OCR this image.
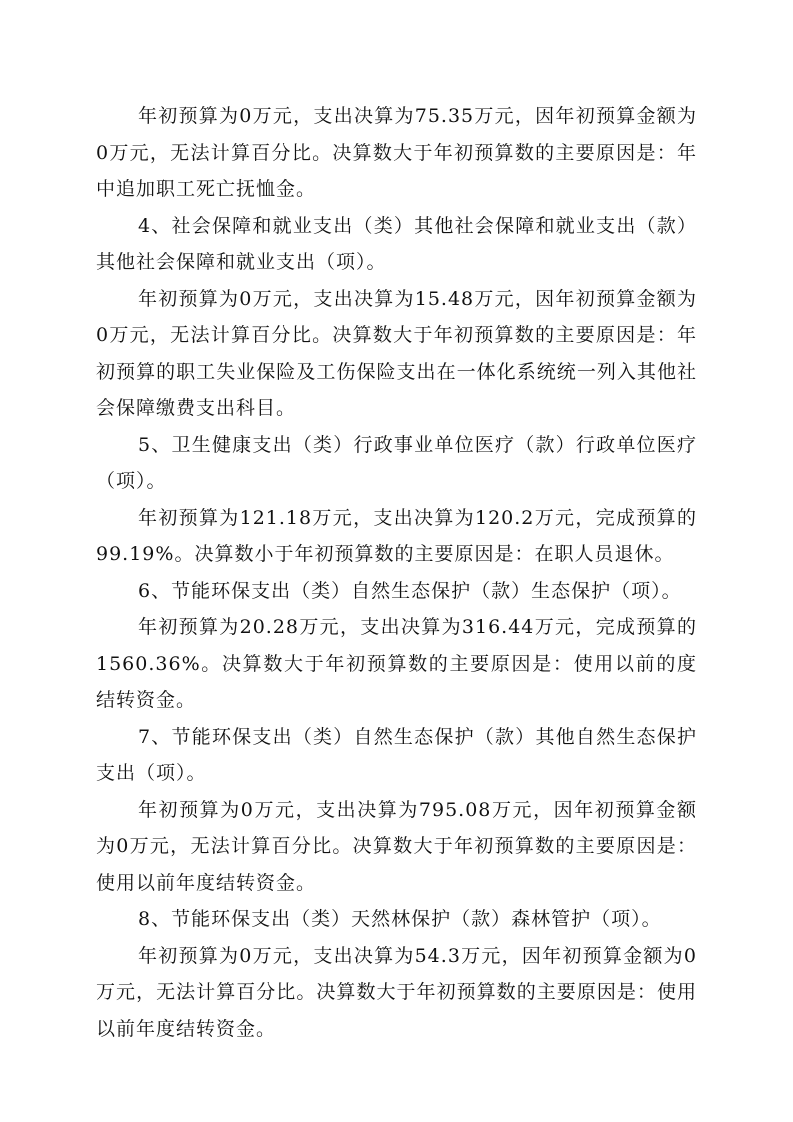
年初预算为0万元，支出决算为75.35万元，因年初预算金额为0万元，无法计算百分比。决算数大于年初预算数的主要原因是：年中追加职工死亡抚恤金。

4、社会保障和就业支出（类）其他社会保障和就业支出（款）其他社会保障和就业支出（项）。

年初预算为0万元，支出决算为15.48万元，因年初预算金额为0万元，无法计算百分比。决算数大于年初预算数的主要原因是：年初预算的职工失业保险及工伤保险支出在一体化系统统一列入其他社会保障缴费支出科目。

5、卫生健康支出（类）行政事业单位医疗（款）行政单位医疗（项）。

年初预算为121.18万元，支出决算为120.2万元，完成预算的99.19%。决算数小于年初预算数的主要原因是：在职人员退休。

6、节能环保支出（类）自然生态保护（款）生态保护（项）。

年初预算为20.28万元，支出决算为316.44万元，完成预算的1560.36%。决算数大于年初预算数的主要原因是：使用以前的度结转资金。

7、节能环保支出（类）自然生态保护（款）其他自然生态保护支出（项）。

年初预算为0万元，支出决算为795.08万元，因年初预算金额为0万元，无法计算百分比。决算数大于年初预算数的主要原因是：使用以前年度结转资金。

8、节能环保支出（类）天然林保护（款）森林管护（项）。

年初预算为0万元，支出决算为54.3万元，因年初预算金额为0万元，无法计算百分比。决算数大于年初预算数的主要原因是：使用以前年度结转资金。
